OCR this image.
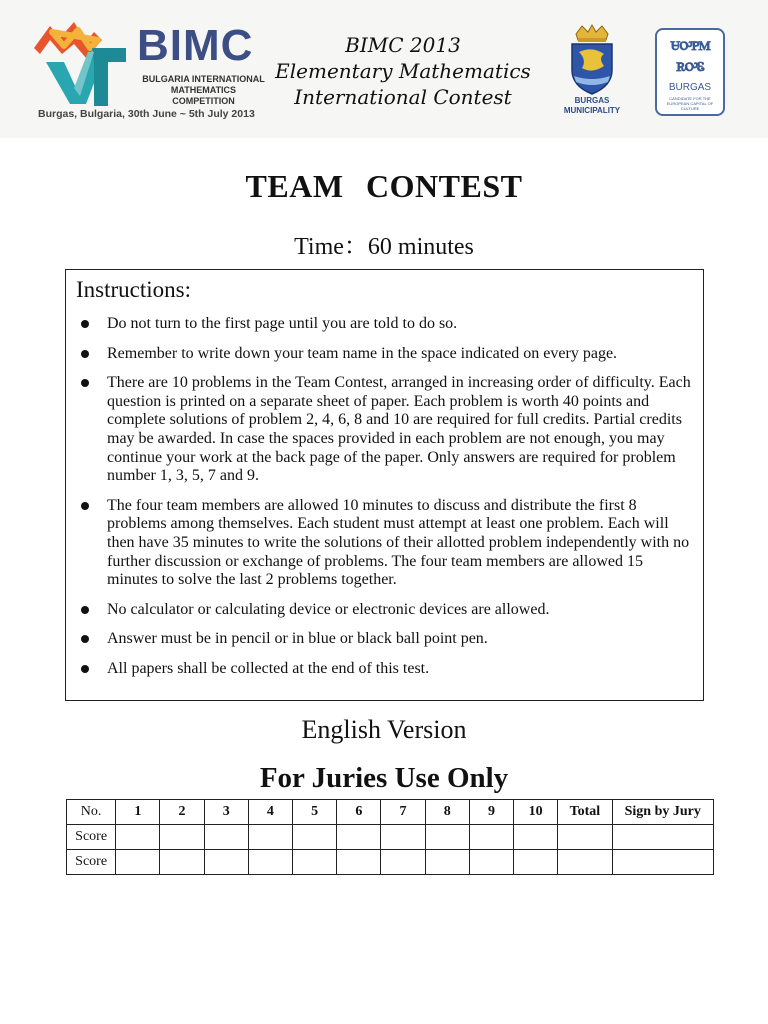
BIMC
BULGARIA INTERNATIONAL MATHEMATICS COMPETITION
Burgas, Bulgaria, 30th June ~ 5th July 2013
BIMC 2013
Elementary Mathematics
International Contest	BURGAS MUNICIPALITY
ꮜꭴꮲꮇ ꭱꭴꮛ
BURGAS
CANDIDATE FOR THE EUROPEAN CAPITAL OF CULTURE
TEAM CONTEST
Time：60 minutes
Instructions:
Do not turn to the first page until you are told to do so.
Remember to write down your team name in the space indicated on every page.
There are 10 problems in the Team Contest, arranged in increasing order of difficulty. Each question is printed on a separate sheet of paper. Each problem is worth 40 points and complete solutions of problem 2, 4, 6, 8 and 10 are required for full credits. Partial credits may be awarded. In case the spaces provided in each problem are not enough, you may continue your work at the back page of the paper. Only answers are required for problem number 1, 3, 5, 7 and 9.
The four team members are allowed 10 minutes to discuss and distribute the first 8 problems among themselves. Each student must attempt at least one problem. Each will then have 35 minutes to write the solutions of their allotted problem independently with no further discussion or exchange of problems. The four team members are allowed 15 minutes to solve the last 2 problems together.
No calculator or calculating device or electronic devices are allowed.
Answer must be in pencil or in blue or black ball point pen.
All papers shall be collected at the end of this test.
English Version
For Juries Use Only
No.	1	2	3	4	5	6	7	8	9	10	Total	Sign by Jury
Score												
Score												
